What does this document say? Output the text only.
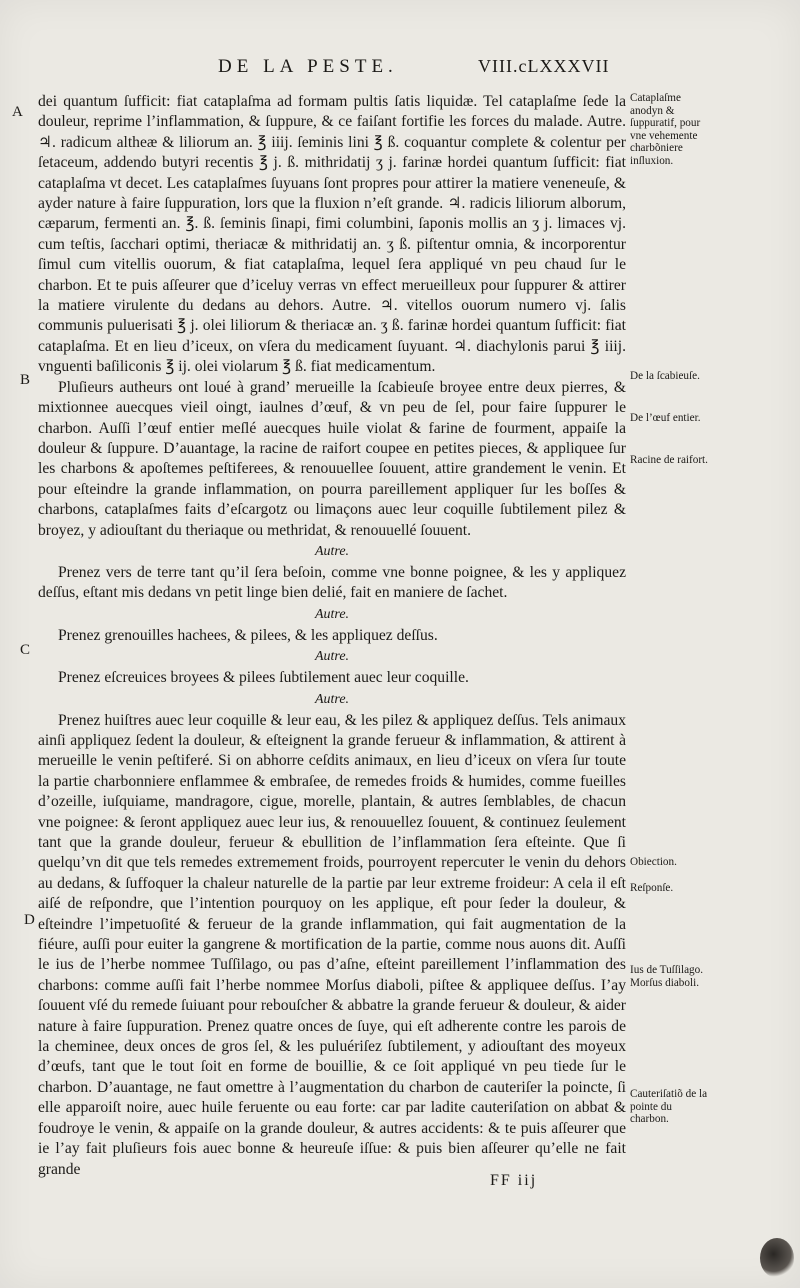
DE LA PESTE.	VIII.cLXXXVII
A
B
C
D

dei quantum ſufficit: fiat cataplaſma ad formam pultis ſatis liquidæ. Tel cataplaſme ſede la douleur, reprime l’inflammation, & ſuppure, & ce faiſant fortifie les forces du malade. Autre. ♃. radicum altheæ & liliorum an. ℥ iiij. ſeminis lini ℥ ß. coquantur complete & colentur per ſetaceum, addendo butyri recentis ℥ j. ß. mithridatij ʒ j. farinæ hordei quantum ſufficit: fiat cataplaſma vt decet. Les cataplaſmes ſuyuans ſont propres pour attirer la matiere veneneuſe, & ayder nature à faire ſuppuration, lors que la fluxion n’eſt grande. ♃. radicis liliorum alborum, cæparum, fermenti an. ℥. ß. ſeminis ſinapi, fimi columbini, ſaponis mollis an ʒ j. limaces vj. cum teſtis, ſacchari optimi, theriacæ & mithridatij an. ʒ ß. piſtentur omnia, & incorporentur ſimul cum vitellis ouorum, & fiat cataplaſma, lequel ſera appliqué vn peu chaud ſur le charbon. Et te puis aſſeurer que d’iceluy verras vn effect merueilleux pour ſuppurer & attirer la matiere virulente du dedans au dehors. Autre. ♃. vitellos ouorum numero vj. ſalis communis puluerisati ℥ j. olei liliorum & theriacæ an. ʒ ß. farinæ hordei quantum ſufficit: fiat cataplaſma. Et en lieu d’iceux, on vſera du medicament ſuyuant. ♃. diachylonis parui ℥ iiij. vnguenti baſiliconis ℥ ij. olei violarum ℥ ß. fiat medicamentum.

Pluſieurs autheurs ont loué à grand’ merueille la ſcabieuſe broyee entre deux pierres, & mixtionnee auecques vieil oingt, iaulnes d’œuf, & vn peu de ſel, pour faire ſuppurer le charbon. Auſſi l’œuf entier meſlé auecques huile violat & farine de fourment, appaiſe la douleur & ſuppure. D’auantage, la racine de raifort coupee en petites pieces, & appliquee ſur les charbons & apoſtemes peſtiferees, & renouuellee ſouuent, attire grandement le venin. Et pour eſteindre la grande inflammation, on pourra pareillement appliquer ſur les boſſes & charbons, cataplaſmes faits d’eſcargotz ou limaçons auec leur coquille ſubtilement pilez & broyez, y adiouſtant du theriaque ou methridat, & renouuellé ſouuent.

Autre.

Prenez vers de terre tant qu’il ſera beſoin, comme vne bonne poignee, & les y appliquez deſſus, eſtant mis dedans vn petit linge bien delié, fait en maniere de ſachet.

Autre.

Prenez grenouilles hachees, & pilees, & les appliquez deſſus.

Autre.

Prenez eſcreuices broyees & pilees ſubtilement auec leur coquille.

Autre.

Prenez huiſtres auec leur coquille & leur eau, & les pilez & appliquez deſſus. Tels animaux ainſi appliquez ſedent la douleur, & eſteignent la grande ferueur & inflammation, & attirent à merueille le venin peſtiferé. Si on abhorre ceſdits animaux, en lieu d’iceux on vſera ſur toute la partie charbonniere enflammee & embraſee, de remedes froids & humides, comme fueilles d’ozeille, iuſquiame, mandragore, cigue, morelle, plantain, & autres ſemblables, de chacun vne poignee: & ſeront appliquez auec leur ius, & renouuellez ſouuent, & continuez ſeulement tant que la grande douleur, ferueur & ebullition de l’inflammation ſera eſteinte. Que ſi quelqu’vn dit que tels remedes extremement froids, pourroyent repercuter le venin du dehors au dedans, & ſuffoquer la chaleur naturelle de la partie par leur extreme froideur: A cela il eſt aiſé de reſpondre, que l’intention pourquoy on les applique, eſt pour ſeder la douleur, & eſteindre l’impetuoſité & ferueur de la grande inflammation, qui fait augmentation de la fiéure, auſſi pour euiter la gangrene & mortification de la partie, comme nous auons dit. Auſſi le ius de l’herbe nommee Tuſſilago, ou pas d’aſne, eſteint pareillement l’inflammation des charbons: comme auſſi fait l’herbe nommee Morſus diaboli, piſtee & appliquee deſſus. I’ay ſouuent vſé du remede ſuiuant pour rebouſcher & abbatre la grande ferueur & douleur, & aider nature à faire ſuppuration. Prenez quatre onces de ſuye, qui eſt adherente contre les parois de la cheminee, deux onces de gros ſel, & les puluériſez ſubtilement, y adiouſtant des moyeux d’œufs, tant que le tout ſoit en forme de bouillie, & ce ſoit appliqué vn peu tiede ſur le charbon. D’auantage, ne faut omettre à l’augmentation du charbon de cauteriſer la poincte, ſi elle apparoiſt noire, auec huile feruente ou eau forte: car par ladite cauteriſation on abbat & foudroye le venin, & appaiſe on la grande douleur, & autres accidents: & te puis aſſeurer que ie l’ay fait pluſieurs fois auec bonne & heureuſe iſſue: & puis bien aſſeurer qu’elle ne fait grande

Cataplaſme anodyn & ſuppuratif, pour vne vehemente charbõniere inſluxion.
De la ſcabieuſe.
De l’œuf entier.
Racine de raifort.
Obiection.
Reſponſe.
Ius de Tuſſilago. Morſus diaboli.
Cauteriſatiõ de la pointe du charbon.
FF iij
